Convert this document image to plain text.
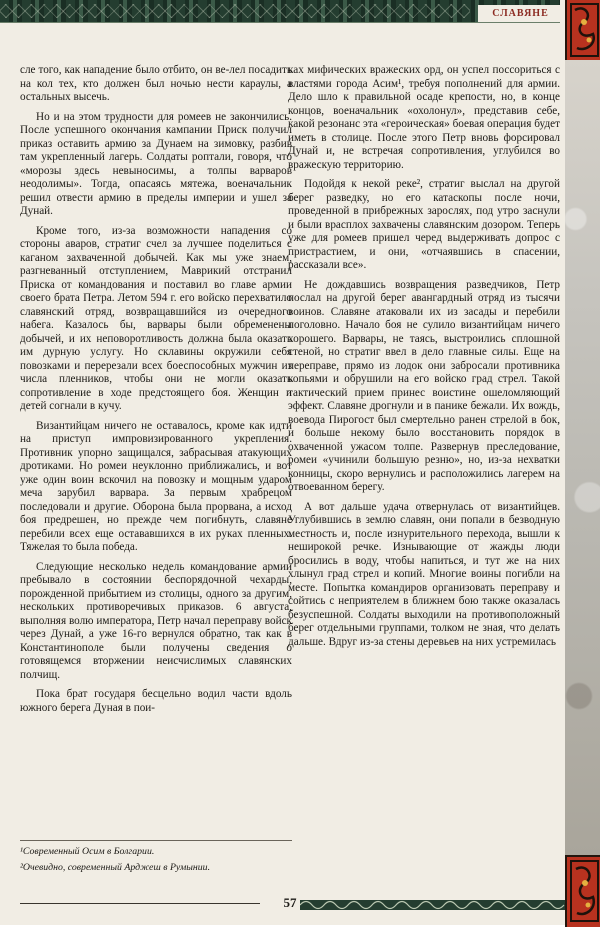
СЛАВЯНЕ

сле того, как нападение было отбито, он ве-лел посадить на кол тех, кто должен был ночью нести караулы, а остальных высечь.

Но и на этом трудности для ромеев не закончились. После успешного окончания кампании Приск получил приказ оставить армию за Дунаем на зимовку, разбив там укрепленный лагерь. Солдаты роптали, говоря, что «морозы здесь невыносимы, а толпы варваров неодолимы». Тогда, опасаясь мятежа, военачальник решил отвести армию в пределы империи и ушел за Дунай.

Кроме того, из-за возможности нападения со стороны аваров, стратиг счел за лучшее поделиться с каганом захваченной добычей. Как мы уже знаем, разгневанный отступлением, Маврикий отстранил Приска от командования и поставил во главе армии своего брата Петра. Летом 594 г. его войско перехватило славянский отряд, возвращавшийся из очередного набега. Казалось бы, варвары были обременены добычей, и их неповоротливость должна была оказать им дурную услугу. Но склавины окружили себя повозками и перерезали всех боеспособных мужчин из числа пленников, чтобы они не могли оказать сопротивление в ходе предстоящего боя. Женщин и детей согнали в кучу.

Византийцам ничего не оставалось, кроме как идти на приступ импровизированного укрепления. Противник упорно защищался, забрасывая атакующих дротиками. Но ромеи неуклонно приближались, и вот уже один воин вскочил на повозку и мощным ударом меча зарубил варвара. За первым храбрецом последовали и другие. Оборона была прорвана, а исход боя предрешен, но прежде чем погибнуть, славяне перебили всех еще остававшихся в их руках пленных. Тяжелая то была победа.

Следующие несколько недель командование армии пребывало в состоянии беспорядочной чехарды, порожденной прибытием из столицы, одного за другим, нескольких противоречивых приказов. 6 августа, выполняя волю императора, Петр начал переправу войск через Дунай, а уже 16-го вернулся обратно, так как в Константинополе были получены сведения о готовящемся вторжении неисчислимых славянских полчищ.

Пока брат государя бесцельно водил части вдоль южного берега Дуная в пои-

ках мифических вражеских орд, он успел поссориться с властями города Асим¹, требуя пополнений для армии. Дело шло к правильной осаде крепости, но, в конце концов, военачальник «охолонул», представив себе, какой резонанс эта «героическая» боевая операция будет иметь в столице. После этого Петр вновь форсировал Дунай и, не встречая сопротивления, углубился во вражескую территорию.

Подойдя к некой реке², стратиг выслал на другой берег разведку, но его катаскопы после ночи, проведенной в прибрежных зарослях, под утро заснули и были врасплох захвачены славянским дозором. Теперь уже для ромеев пришел черед выдерживать допрос с пристрастием, и они, «отчаявшись в спасении, рассказали все».

Не дождавшись возвращения разведчиков, Петр послал на другой берег авангардный отряд из тысячи воинов. Славяне атаковали их из засады и перебили поголовно. Начало боя не сулило византийцам ничего хорошего. Варвары, не таясь, выстроились сплошной стеной, но стратиг ввел в дело главные силы. Еще на переправе, прямо из лодок они забросали противника копьями и обрушили на его войско град стрел. Такой тактический прием принес воистине ошеломляющий эффект. Славяне дрогнули и в панике бежали. Их вождь, воевода Пирогост был смертельно ранен стрелой в бок, и больше некому было восстановить порядок в охваченной ужасом толпе. Развернув преследование, ромеи «учинили большую резню», но, из-за нехватки конницы, скоро вернулись и расположились лагерем на отвоеванном берегу.

А вот дальше удача отвернулась от византийцев. Углубившись в землю славян, они попали в безводную местность и, после изнурительного перехода, вышли к неширокой речке. Изнывающие от жажды люди бросились в воду, чтобы напиться, и тут же на них хлынул град стрел и копий. Многие воины погибли на месте. Попытка командиров организовать переправу и сойтись с неприятелем в ближнем бою также оказалась безуспешной. Солдаты выходили на противоположный берег отдельными группами, толком не зная, что делать дальше. Вдруг из-за стены деревьев на них устремилась

¹Современный Осим в Болгарии.
²Очевидно, современный Арджеш в Румынии.
57
